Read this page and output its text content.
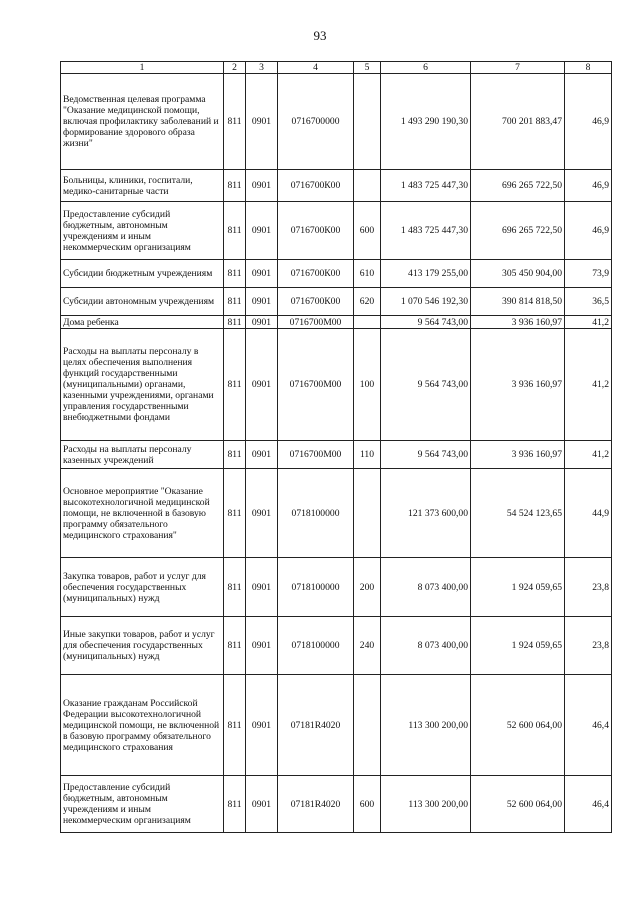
93
1	2	3	4	5	6	7	8
Ведомственная целевая программа "Оказание медицинской помощи, включая профилактику заболеваний и формирование здорового образа жизни"	811	0901	0716700000		1 493 290 190,30	700 201 883,47	46,9
Больницы, клиники, госпитали, медико-санитарные части	811	0901	0716700К00		1 483 725 447,30	696 265 722,50	46,9
Предоставление субсидий бюджетным, автономным учреждениям и иным некоммерческим организациям	811	0901	0716700К00	600	1 483 725 447,30	696 265 722,50	46,9
Субсидии бюджетным учреждениям	811	0901	0716700К00	610	413 179 255,00	305 450 904,00	73,9
Субсидии автономным учреждениям	811	0901	0716700К00	620	1 070 546 192,30	390 814 818,50	36,5
Дома ребенка	811	0901	0716700М00		9 564 743,00	3 936 160,97	41,2
Расходы на выплаты персоналу в целях обеспечения выполнения функций государственными (муниципальными) органами, казенными учреждениями, органами управления государственными внебюджетными фондами	811	0901	0716700М00	100	9 564 743,00	3 936 160,97	41,2
Расходы на выплаты персоналу казенных учреждений	811	0901	0716700М00	110	9 564 743,00	3 936 160,97	41,2
Основное мероприятие "Оказание высокотехнологичной медицинской помощи, не включенной в базовую программу обязательного медицинского страхования"	811	0901	0718100000		121 373 600,00	54 524 123,65	44,9
Закупка товаров, работ и услуг для обеспечения государственных (муниципальных) нужд	811	0901	0718100000	200	8 073 400,00	1 924 059,65	23,8
Иные закупки товаров, работ и услуг для обеспечения государственных (муниципальных) нужд	811	0901	0718100000	240	8 073 400,00	1 924 059,65	23,8
Оказание гражданам Российской Федерации высокотехнологичной медицинской помощи, не включенной в базовую программу обязательного медицинского страхования	811	0901	07181R4020		113 300 200,00	52 600 064,00	46,4
Предоставление субсидий бюджетным, автономным учреждениям и иным некоммерческим организациям	811	0901	07181R4020	600	113 300 200,00	52 600 064,00	46,4
